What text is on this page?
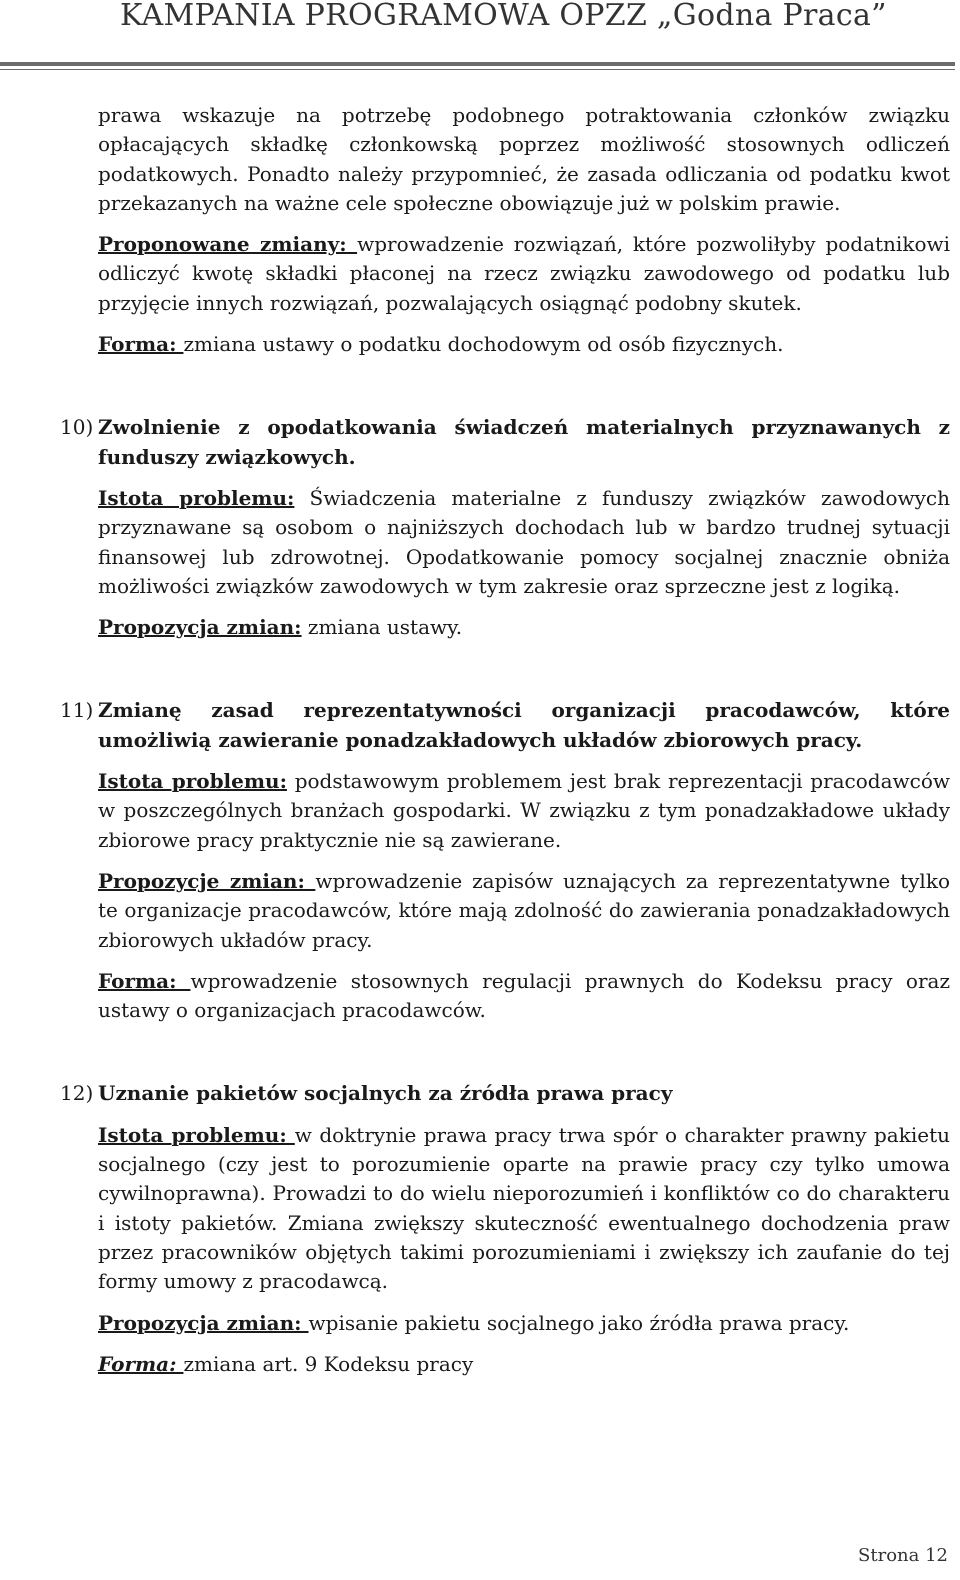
KAMPANIA PROGRAMOWA OPZZ „Godna Praca”

prawa wskazuje na potrzebę podobnego potraktowania członków związku opłacających składkę członkowską poprzez możliwość stosownych odliczeń podatkowych. Ponadto należy przypomnieć, że zasada odliczania od podatku kwot przekazanych na ważne cele społeczne obowiązuje już w polskim prawie.

Proponowane zmiany: wprowadzenie rozwiązań, które pozwoliłyby podatnikowi odliczyć kwotę składki płaconej na rzecz związku zawodowego od podatku lub przyjęcie innych rozwiązań, pozwalających osiągnąć podobny skutek.

Forma: zmiana ustawy o podatku dochodowym od osób fizycznych.

10) Zwolnienie z opodatkowania świadczeń materialnych przyznawanych z funduszy związkowych.

Istota problemu: Świadczenia materialne z funduszy związków zawodowych przyznawane są osobom o najniższych dochodach lub w bardzo trudnej sytuacji finansowej lub zdrowotnej. Opodatkowanie pomocy socjalnej znacznie obniża możliwości związków zawodowych w tym zakresie oraz sprzeczne jest z logiką.

Propozycja zmian: zmiana ustawy.

11) Zmianę zasad reprezentatywności organizacji pracodawców, które umożliwią zawieranie ponadzakładowych układów zbiorowych pracy.

Istota problemu: podstawowym problemem jest brak reprezentacji pracodawców w poszczególnych branżach gospodarki. W związku z tym ponadzakładowe układy zbiorowe pracy praktycznie nie są zawierane.

Propozycje zmian: wprowadzenie zapisów uznających za reprezentatywne tylko te organizacje pracodawców, które mają zdolność do zawierania ponadzakładowych zbiorowych układów pracy.

Forma: wprowadzenie stosownych regulacji prawnych do Kodeksu pracy oraz ustawy o organizacjach pracodawców.

12) Uznanie pakietów socjalnych za źródła prawa pracy

Istota problemu: w doktrynie prawa pracy trwa spór o charakter prawny pakietu socjalnego (czy jest to porozumienie oparte na prawie pracy czy tylko umowa cywilnoprawna). Prowadzi to do wielu nieporozumień i konfliktów co do charakteru i istoty pakietów. Zmiana zwiększy skuteczność ewentualnego dochodzenia praw przez pracowników objętych takimi porozumieniami i zwiększy ich zaufanie do tej formy umowy z pracodawcą.

Propozycja zmian: wpisanie pakietu socjalnego jako źródła prawa pracy.

Forma: zmiana art. 9 Kodeksu pracy

Strona 12
